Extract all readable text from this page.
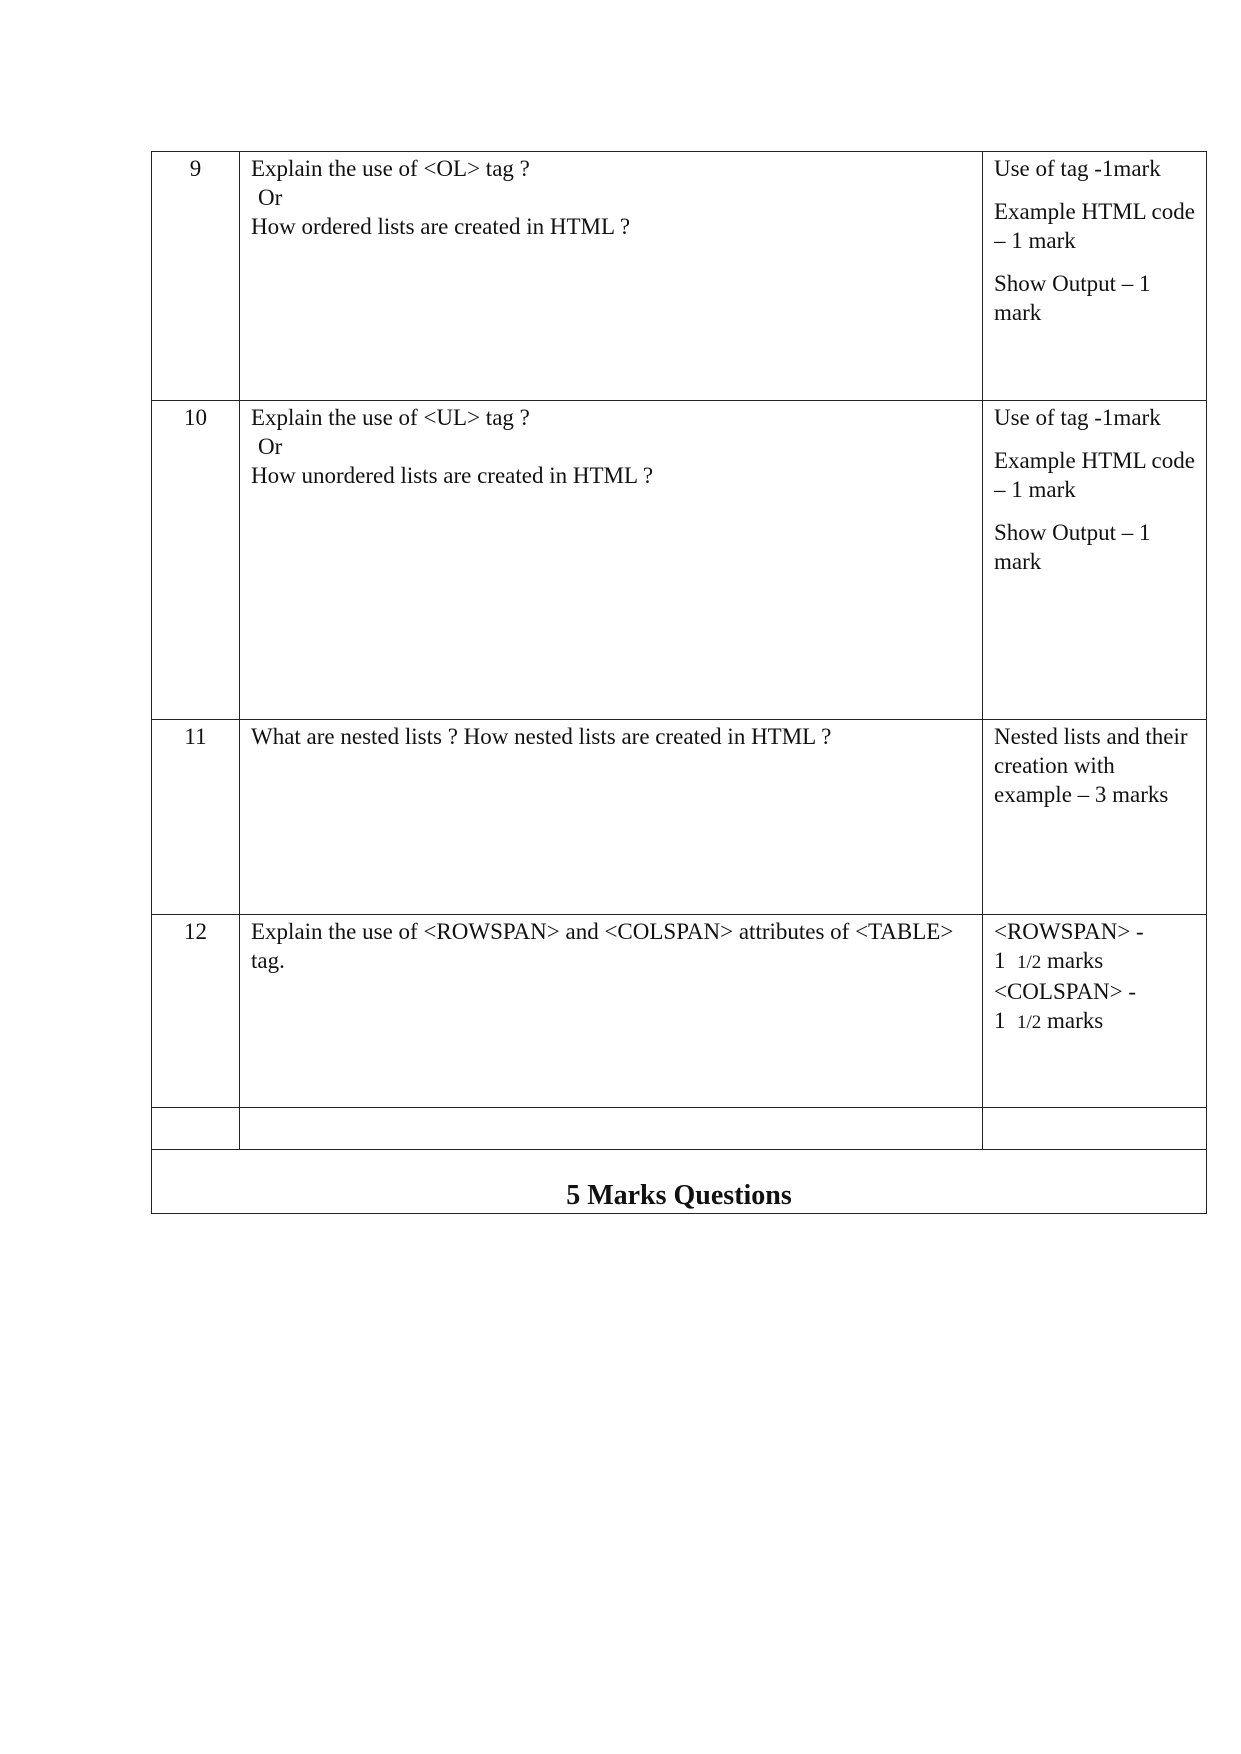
9	Explain the use of <OL> tag ?
Or
How ordered lists are created in HTML ?	Use of tag -1mark
Example HTML code – 1 mark
Show Output – 1 mark

10	Explain the use of <UL> tag ?
Or
How unordered lists are created in HTML ?	Use of tag -1mark
Example HTML code – 1 mark
Show Output – 1 mark

11	What are nested lists ? How nested lists are created in HTML ?	Nested lists and their creation with example – 3 marks

12	Explain the use of <ROWSPAN> and <COLSPAN> attributes of <TABLE> tag.	<ROWSPAN> -
1 1/2 marks
<COLSPAN> -
1 1/2 marks

5 Marks Questions		
